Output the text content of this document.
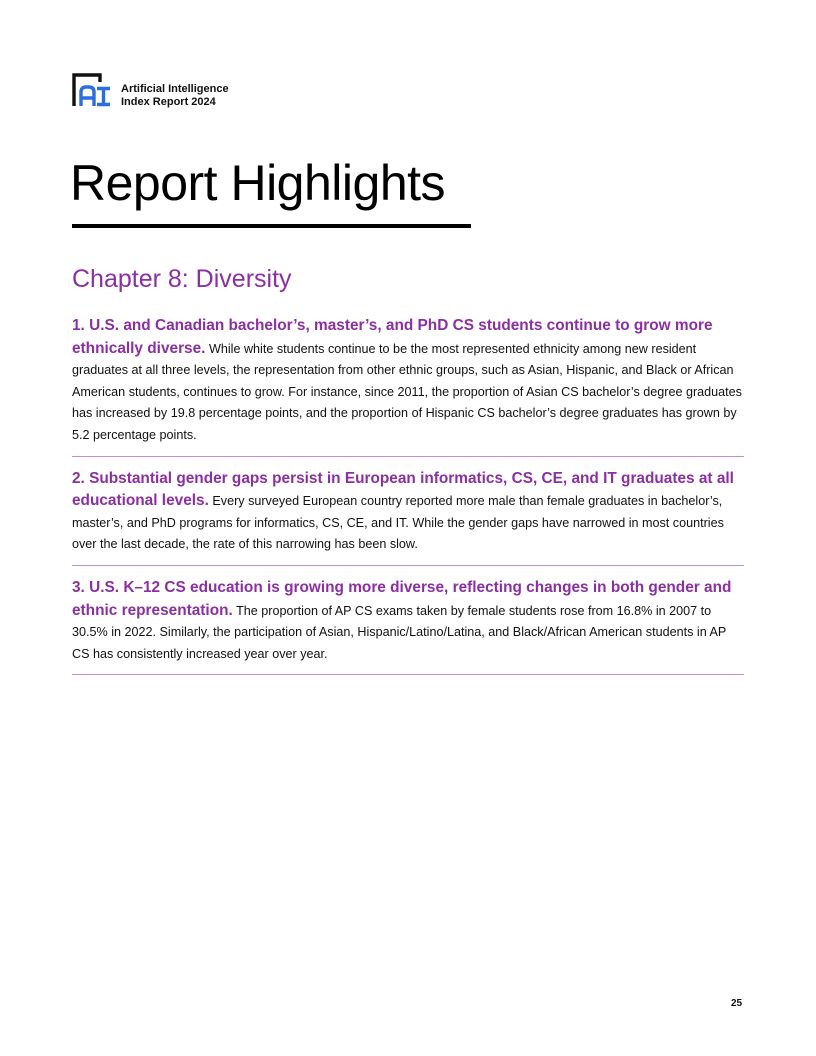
Artificial Intelligence
Index Report 2024
Report Highlights
Chapter 8: Diversity

1. U.S. and Canadian bachelor’s, master’s, and PhD CS students continue to grow more ethnically diverse. While white students continue to be the most represented ethnicity among new resident graduates at all three levels, the representation from other ethnic groups, such as Asian, Hispanic, and Black or African American students, continues to grow. For instance, since 2011, the proportion of Asian CS bachelor’s degree graduates has increased by 19.8 percentage points, and the proportion of Hispanic CS bachelor’s degree graduates has grown by 5.2 percentage points.

2. Substantial gender gaps persist in European informatics, CS, CE, and IT graduates at all educational levels. Every surveyed European country reported more male than female graduates in bachelor’s, master’s, and PhD programs for informatics, CS, CE, and IT. While the gender gaps have narrowed in most countries over the last decade, the rate of this narrowing has been slow.

3. U.S. K–12 CS education is growing more diverse, reflecting changes in both gender and ethnic representation. The proportion of AP CS exams taken by female students rose from 16.8% in 2007 to 30.5% in 2022. Similarly, the participation of Asian, Hispanic/Latino/Latina, and Black/African American students in AP CS has consistently increased year over year.

25
